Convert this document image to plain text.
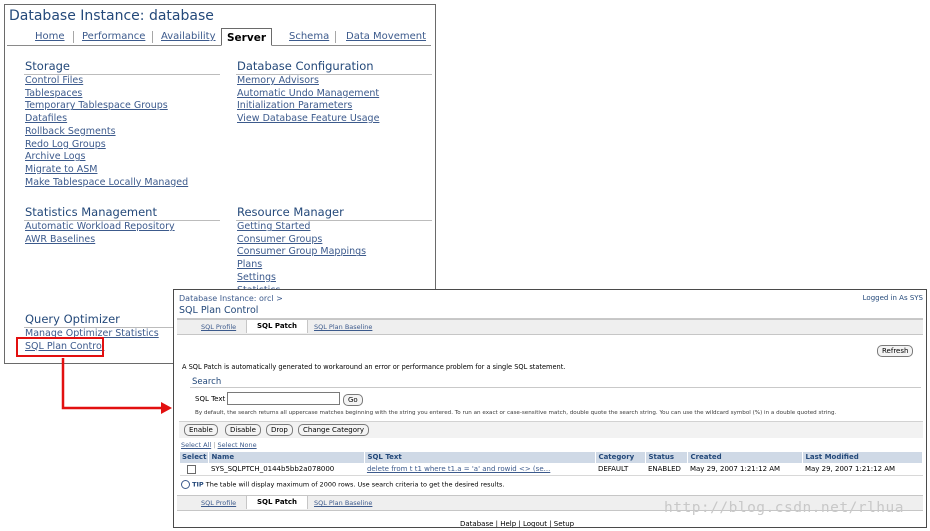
Database Instance: database
Home Performance Availability	Server	Schema Data Movement
Storage
Control Files
Tablespaces
Temporary Tablespace Groups
Datafiles
Rollback Segments
Redo Log Groups
Archive Logs
Migrate to ASM
Make Tablespace Locally Managed
Database Configuration
Memory Advisors
Automatic Undo Management
Initialization Parameters
View Database Feature Usage
Statistics Management
Automatic Workload Repository
AWR Baselines
Resource Manager
Getting Started
Consumer Groups
Consumer Group Mappings
Plans
Settings
Query Optimizer
Manage Optimizer Statistics
SQL Plan Control
Database Instance: orcl >	Logged in As SYS
SQL Plan Control
SQL Profile	SQL Patch	SQL Plan Baseline
Refresh
A SQL Patch is automatically generated to workaround an error or performance problem for a single SQL statement.
Search
SQL Text	Go
By default, the search returns all uppercase matches beginning with the string you entered. To run an exact or case-sensitive match, double quote the search string. You can use the wildcard symbol (%) in a double quoted string.
Enable	Disable	Drop	Change Category
Select All | Select None
Select	Name	SQL Text	Category	Status	Created	Last Modified
	SYS_SQLPTCH_0144b5bb2a078000	delete from t t1 where t1.a = 'a' and rowid <> (se...	DEFAULT	ENABLED	May 29, 2007 1:21:12 AM	May 29, 2007 1:21:12 AM
TIP The table will display maximum of 2000 rows. Use search criteria to get the desired results.
SQL Profile	SQL Patch	SQL Plan Baseline
Database | Help | Logout | Setup
http://blog.csdn.net/rlhua
